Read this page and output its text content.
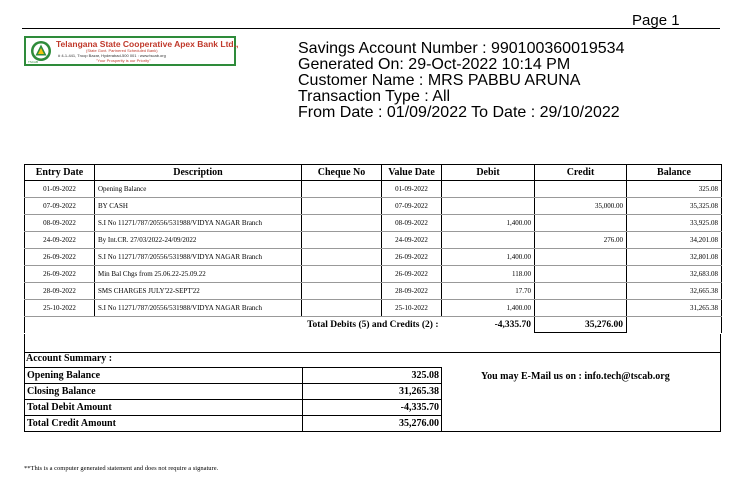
Page 1
Telangana State Cooperative Apex Bank Ltd.,
(State Govt. Partnered Scheduled Bank)
# 4-1-441, Troop Bazar, Hyderabad-500 001 : www.tscab.org
"Your Prosperity is our Priority"
TSCAB
Savings Account Number : 990100360019534
Generated On: 29-Oct-2022 10:14 PM
Customer Name : MRS PABBU ARUNA
Transaction Type : All
From Date : 01/09/2022 To Date : 29/10/2022
Entry Date	Description	Cheque No	Value Date	Debit	Credit	Balance
01-09-2022	Opening Balance		01-09-2022			325.08
07-09-2022	BY CASH		07-09-2022		35,000.00	35,325.08
08-09-2022	S.I No 11271/787/20556/531988/VIDYA NAGAR Branch		08-09-2022	1,400.00		33,925.08
24-09-2022	By Int.CR. 27/03/2022-24/09/2022		24-09-2022		276.00	34,201.08
26-09-2022	S.I No 11271/787/20556/531988/VIDYA NAGAR Branch		26-09-2022	1,400.00		32,801.08
26-09-2022	Min Bal Chgs from 25.06.22-25.09.22		26-09-2022	118.00		32,683.08
28-09-2022	SMS CHARGES JULY'22-SEPT'22		28-09-2022	17.70		32,665.38
25-10-2022	S.I No 11271/787/20556/531988/VIDYA NAGAR Branch		25-10-2022	1,400.00		31,265.38
Total Debits (5) and Credits (2) :				-4,335.70	35,276.00	
Account Summary :
Opening Balance	325.08
Closing Balance	31,265.38
Total Debit Amount	-4,335.70
Total Credit Amount	35,276.00
You may E-Mail us on : info.tech@tscab.org
**This is a computer generated statement and does not require a signature.
